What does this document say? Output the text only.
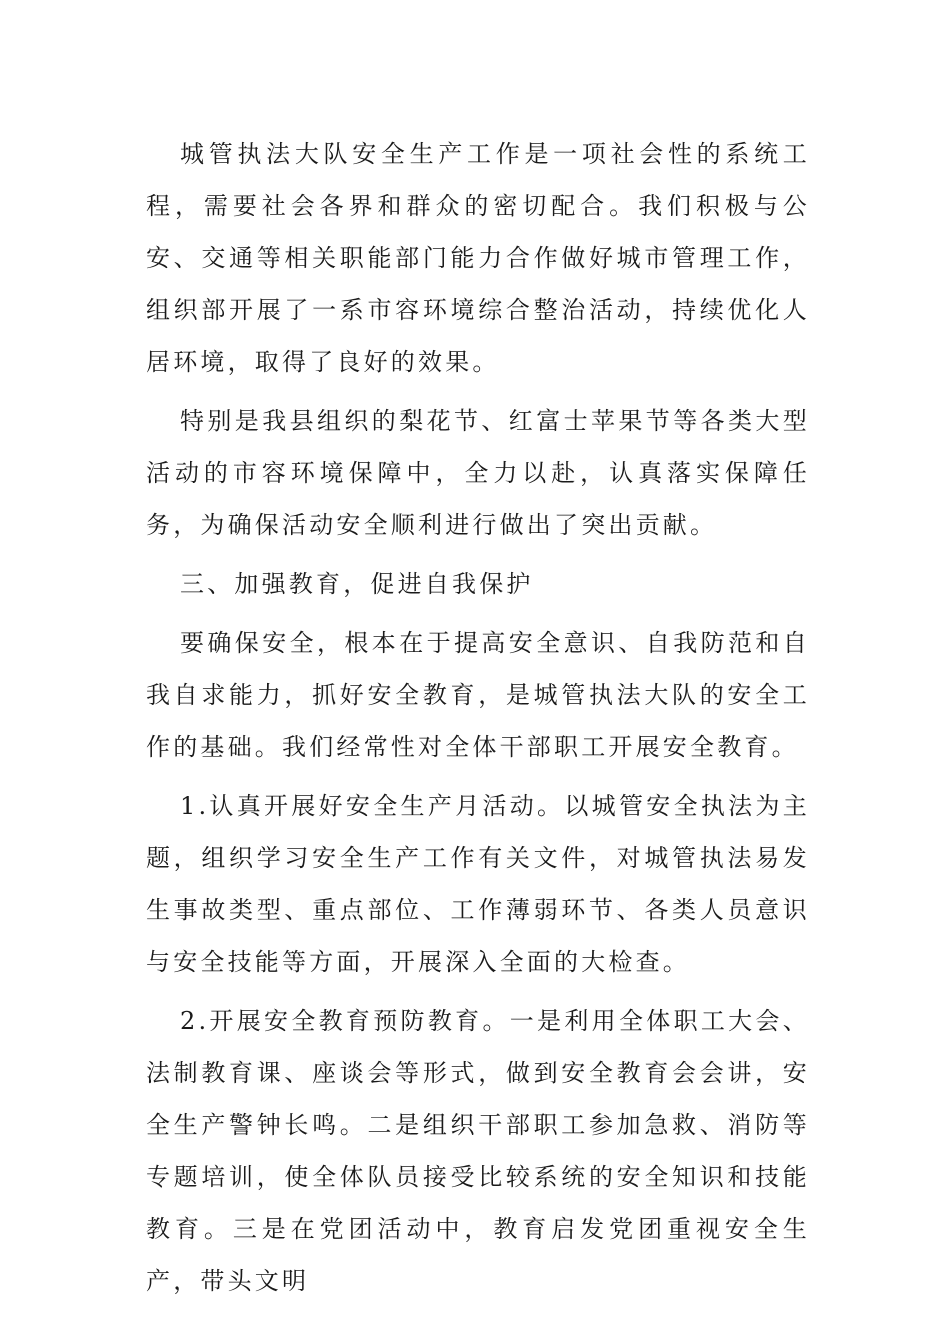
城管执法大队安全生产工作是一项社会性的系统工程，需要社会各界和群众的密切配合。我们积极与公安、交通等相关职能部门能力合作做好城市管理工作，组织部开展了一系市容环境综合整治活动，持续优化人居环境，取得了良好的效果。

特别是我县组织的梨花节、红富士苹果节等各类大型活动的市容环境保障中，全力以赴，认真落实保障任务，为确保活动安全顺利进行做出了突出贡献。

三、加强教育，促进自我保护

要确保安全，根本在于提高安全意识、自我防范和自我自求能力，抓好安全教育，是城管执法大队的安全工作的基础。我们经常性对全体干部职工开展安全教育。

1.认真开展好安全生产月活动。以城管安全执法为主题，组织学习安全生产工作有关文件，对城管执法易发生事故类型、重点部位、工作薄弱环节、各类人员意识与安全技能等方面，开展深入全面的大检查。

2.开展安全教育预防教育。一是利用全体职工大会、法制教育课、座谈会等形式，做到安全教育会会讲，安全生产警钟长鸣。二是组织干部职工参加急救、消防等专题培训，使全体队员接受比较系统的安全知识和技能教育。三是在党团活动中，教育启发党团重视安全生产，带头文明
